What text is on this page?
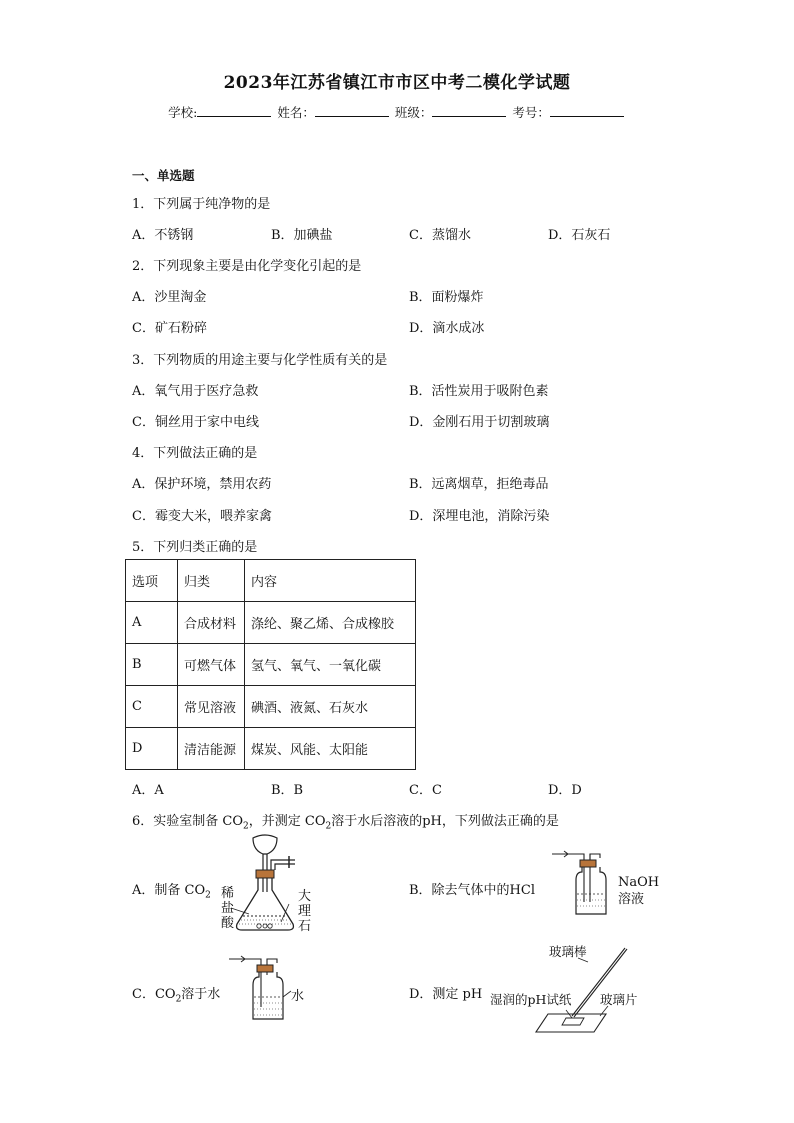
2023年江苏省镇江市市区中考二模化学试题
学校:	姓名：	班级：	考号：
一、单选题
1．下列属于纯净物的是
A．不锈钢	B．加碘盐	C．蒸馏水	D．石灰石
2．下列现象主要是由化学变化引起的是
A．沙里淘金	B．面粉爆炸
C．矿石粉碎	D．滴水成冰
3．下列物质的用途主要与化学性质有关的是
A．氧气用于医疗急救	B．活性炭用于吸附色素
C．铜丝用于家中电线	D．金刚石用于切割玻璃
4．下列做法正确的是
A．保护环境，禁用农药	B．远离烟草，拒绝毒品
C．霉变大米，喂养家禽	D．深埋电池，消除污染
5．下列归类正确的是
选项	归类	内容
A	合成材料	涤纶、聚乙烯、合成橡胶
B	可燃气体	氢气、氧气、一氧化碳
C	常见溶液	碘酒、液氮、石灰水
D	清洁能源	煤炭、风能、太阳能
A．A	B．B	C．C	D．D
6．实验室制备 $CO_2$，并测定 $CO_2$溶于水后溶液的pH，下列做法正确的是
A．制备 $CO_2$ 稀
盐
酸
大
理
石
B．除去气体中的HCl
NaOH
溶液
C．$CO_2$溶于水	水	D．测定 pH
玻璃棒
湿润的pH试纸 玻璃片
